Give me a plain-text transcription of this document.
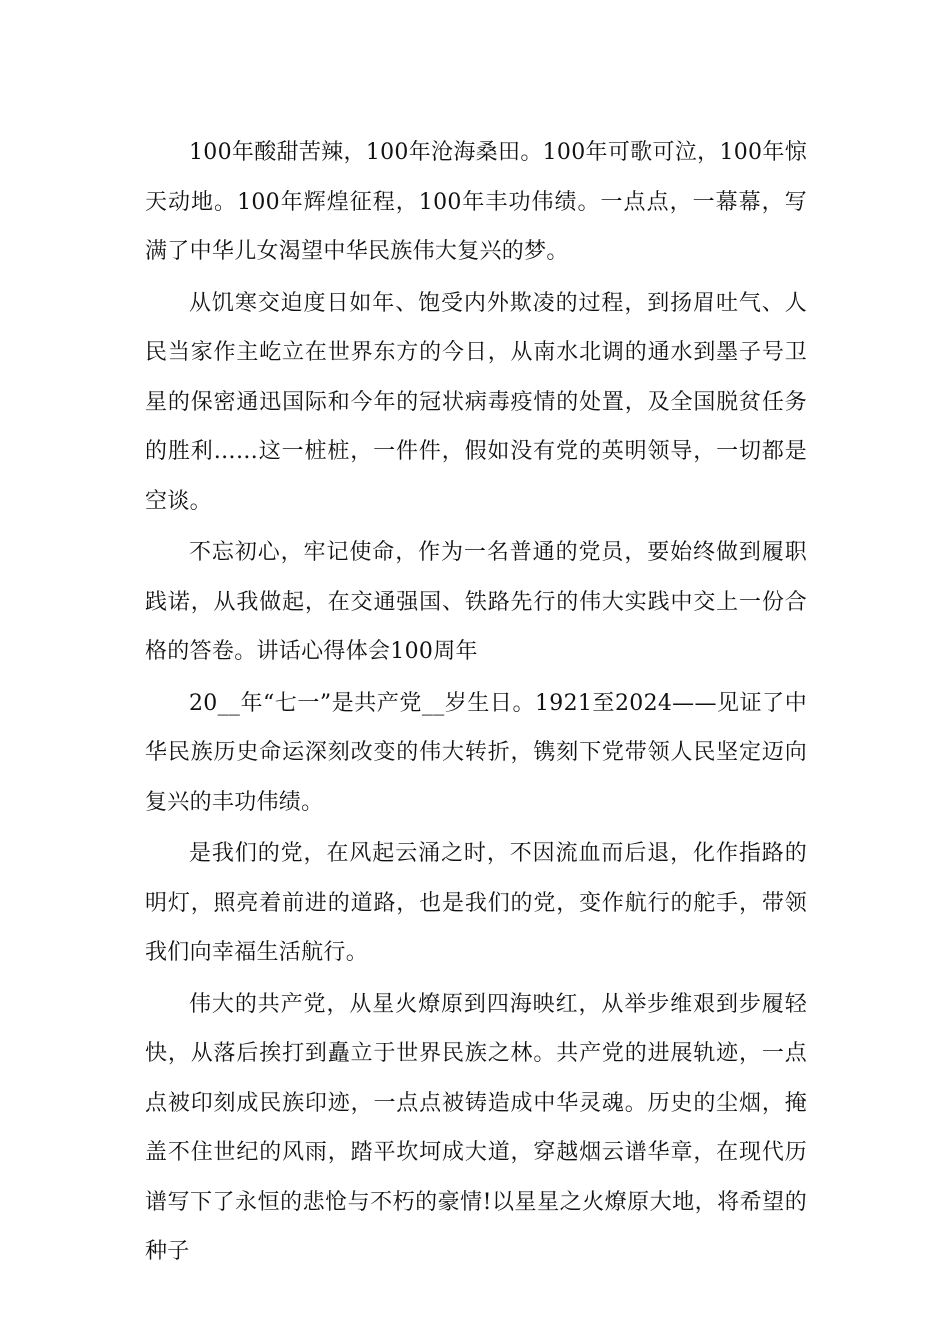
100年酸甜苦辣，100年沧海桑田。100年可歌可泣，100年惊天动地。100年辉煌征程，100年丰功伟绩。一点点，一幕幕，写满了中华儿女渴望中华民族伟大复兴的梦。

从饥寒交迫度日如年、饱受内外欺凌的过程，到扬眉吐气、人民当家作主屹立在世界东方的今日，从南水北调的通水到墨子号卫星的保密通迅国际和今年的冠状病毒疫情的处置，及全国脱贫任务的胜利……这一桩桩，一件件，假如没有党的英明领导，一切都是空谈。

不忘初心，牢记使命，作为一名普通的党员，要始终做到履职践诺，从我做起，在交通强国、铁路先行的伟大实践中交上一份合格的答卷。讲话心得体会100周年

20__年“七一”是共产党__岁生日。1921至2024——见证了中华民族历史命运深刻改变的伟大转折，镌刻下党带领人民坚定迈向复兴的丰功伟绩。

是我们的党，在风起云涌之时，不因流血而后退，化作指路的明灯，照亮着前进的道路，也是我们的党，变作航行的舵手，带领我们向幸福生活航行。

伟大的共产党，从星火燎原到四海映红，从举步维艰到步履轻快，从落后挨打到矗立于世界民族之林。共产党的进展轨迹，一点点被印刻成民族印迹，一点点被铸造成中华灵魂。历史的尘烟，掩盖不住世纪的风雨，踏平坎坷成大道，穿越烟云谱华章，在现代历谱写下了永恒的悲怆与不朽的豪情!以星星之火燎原大地，将希望的种子
